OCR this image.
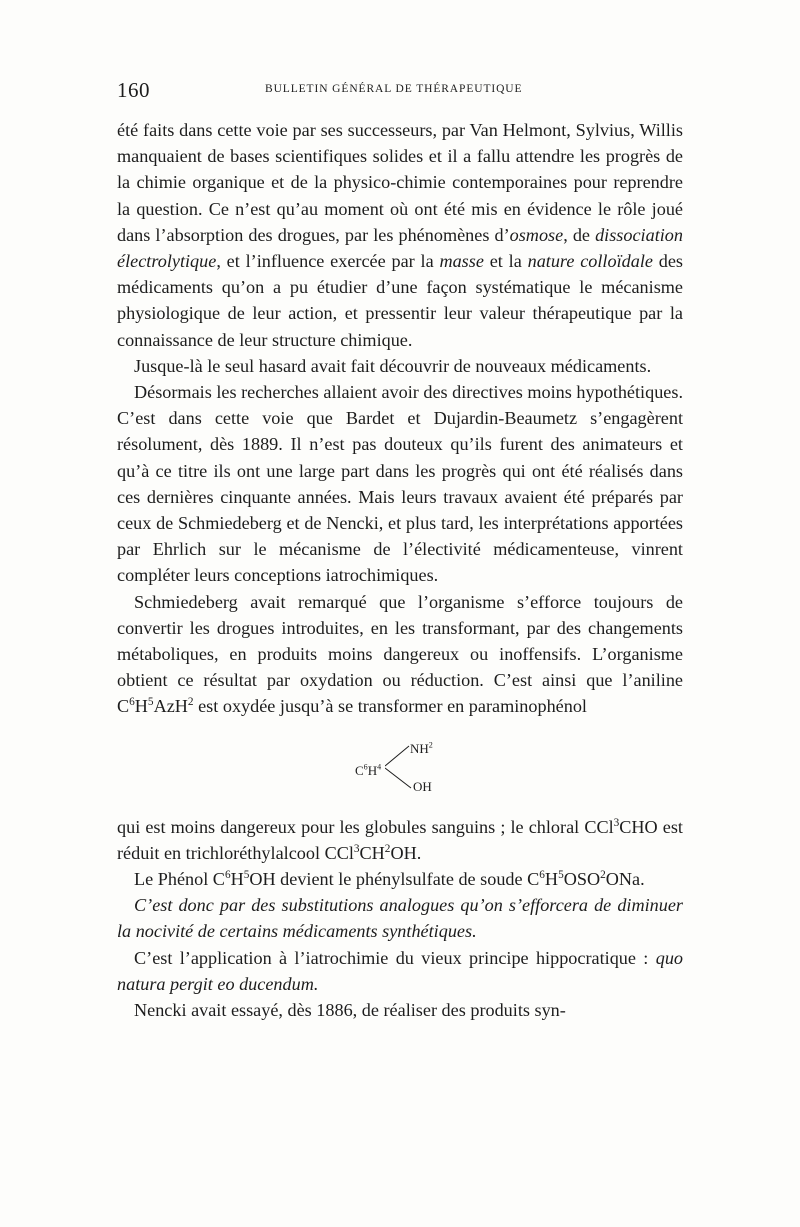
160	BULLETIN GÉNÉRAL DE THÉRAPEUTIQUE

été faits dans cette voie par ses successeurs, par Van Helmont, Sylvius, Willis manquaient de bases scientifiques solides et il a fallu attendre les progrès de la chimie organique et de la physico-chimie contemporaines pour reprendre la question. Ce n’est qu’au moment où ont été mis en évidence le rôle joué dans l’absorption des drogues, par les phénomènes d’osmose, de dissociation électrolytique, et l’influence exercée par la masse et la nature colloïdale des médicaments qu’on a pu étudier d’une façon systématique le mécanisme physiologique de leur action, et pressentir leur valeur thérapeutique par la connaissance de leur structure chimique.

Jusque-là le seul hasard avait fait découvrir de nouveaux médicaments.

Désormais les recherches allaient avoir des directives moins hypothétiques. C’est dans cette voie que Bardet et Dujardin-Beaumetz s’engagèrent résolument, dès 1889. Il n’est pas douteux qu’ils furent des animateurs et qu’à ce titre ils ont une large part dans les progrès qui ont été réalisés dans ces dernières cinquante années. Mais leurs travaux avaient été préparés par ceux de Schmiedeberg et de Nencki, et plus tard, les interprétations apportées par Ehrlich sur le mécanisme de l’électivité médicamenteuse, vinrent compléter leurs conceptions iatrochimiques.

Schmiedeberg avait remarqué que l’organisme s’efforce toujours de convertir les drogues introduites, en les transformant, par des changements métaboliques, en produits moins dangereux ou inoffensifs. L’organisme obtient ce résultat par oxydation ou réduction. C’est ainsi que l’aniline $C^6H^5AzH^2$ est oxydée jusqu’à se transformer en paraminophénol

$C^6H^4$
$NH^2$
OH

qui est moins dangereux pour les globules sanguins ; le chloral CCl$^3$CHO est réduit en trichloréthylalcool $CCl^3CH^2OH$.

Le Phénol $C^6H^5OH$ devient le phénylsulfate de soude $C^6H^5OSO^2ONa$.

C’est donc par des substitutions analogues qu’on s’efforcera de diminuer la nocivité de certains médicaments synthétiques.

C’est l’application à l’iatrochimie du vieux principe hippocratique : quo natura pergit eo ducendum.

Nencki avait essayé, dès 1886, de réaliser des produits syn-
